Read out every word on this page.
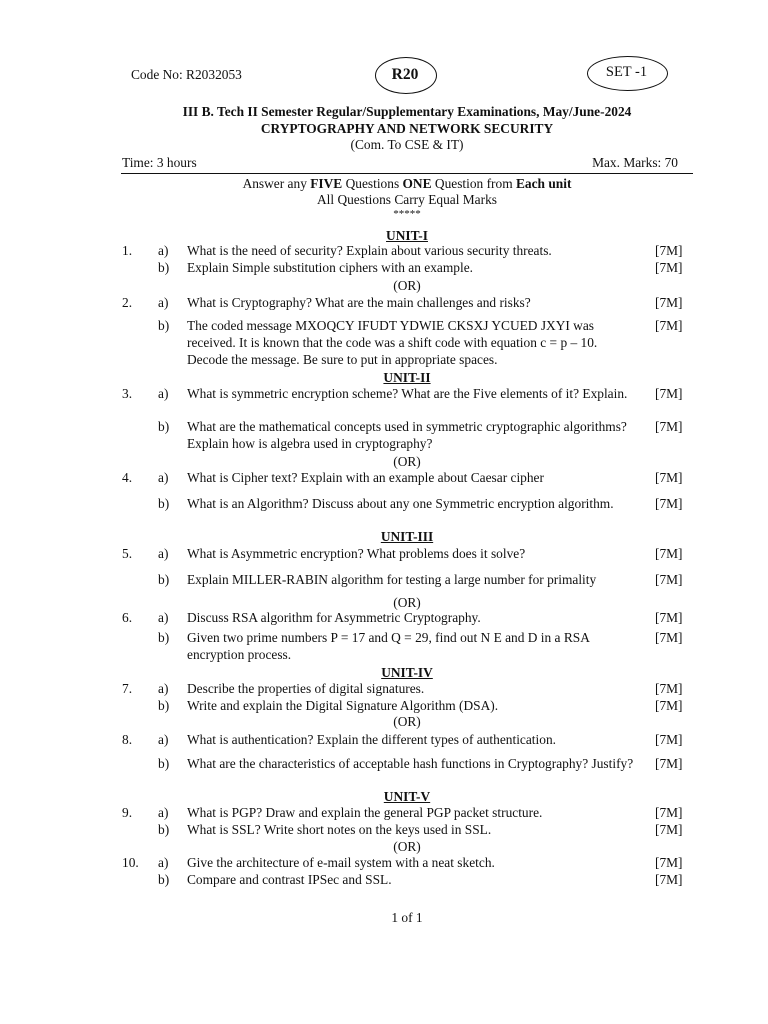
Code No: R2032053	R20	SET -1
III B. Tech II Semester Regular/Supplementary Examinations, May/June-2024
CRYPTOGRAPHY AND NETWORK SECURITY
(Com. To CSE & IT)
Time: 3 hours	Max. Marks: 70
Answer any FIVE Questions ONE Question from Each unit
All Questions Carry Equal Marks
*****
UNIT-I
1.	a)	What is the need of security? Explain about various security threats.	[7M]
b)	Explain Simple substitution ciphers with an example.	[7M]
(OR)
2.	a)	What is Cryptography? What are the main challenges and risks?	[7M]
b)	The coded message MXOQCY IFUDT YDWIE CKSXJ YCUED JXYI was received. It is known that the code was a shift code with equation c = p – 10. Decode the message. Be sure to put in appropriate spaces.
[7M]
UNIT-II
3.	a)	What is symmetric encryption scheme? What are the Five elements of it? Explain.	[7M]
b)	What are the mathematical concepts used in symmetric cryptographic algorithms? Explain how is algebra used in cryptography?
[7M]
(OR)
4.	a)	What is Cipher text? Explain with an example about Caesar cipher	[7M]
b)	What is an Algorithm? Discuss about any one Symmetric encryption algorithm.	[7M]
UNIT-III
5.	a)	What is Asymmetric encryption? What problems does it solve?	[7M]
b)	Explain MILLER-RABIN algorithm for testing a large number for primality	[7M]
(OR)
6.	a)	Discuss RSA algorithm for Asymmetric Cryptography.	[7M]
b)	Given two prime numbers P = 17 and Q = 29, find out N E and D in a RSA encryption process.
[7M]
UNIT-IV
7.	a)	Describe the properties of digital signatures.	[7M]
b)	Write and explain the Digital Signature Algorithm (DSA).	[7M]
(OR)
8.	a)	What is authentication? Explain the different types of authentication.	[7M]
b)	What are the characteristics of acceptable hash functions in Cryptography? Justify?	[7M]
UNIT-V
9.	a)	What is PGP? Draw and explain the general PGP packet structure.	[7M]
b)	What is SSL? Write short notes on the keys used in SSL.	[7M]
(OR)
10.	a)	Give the architecture of e-mail system with a neat sketch.	[7M]
b)	Compare and contrast IPSec and SSL.	[7M]
1 of 1
